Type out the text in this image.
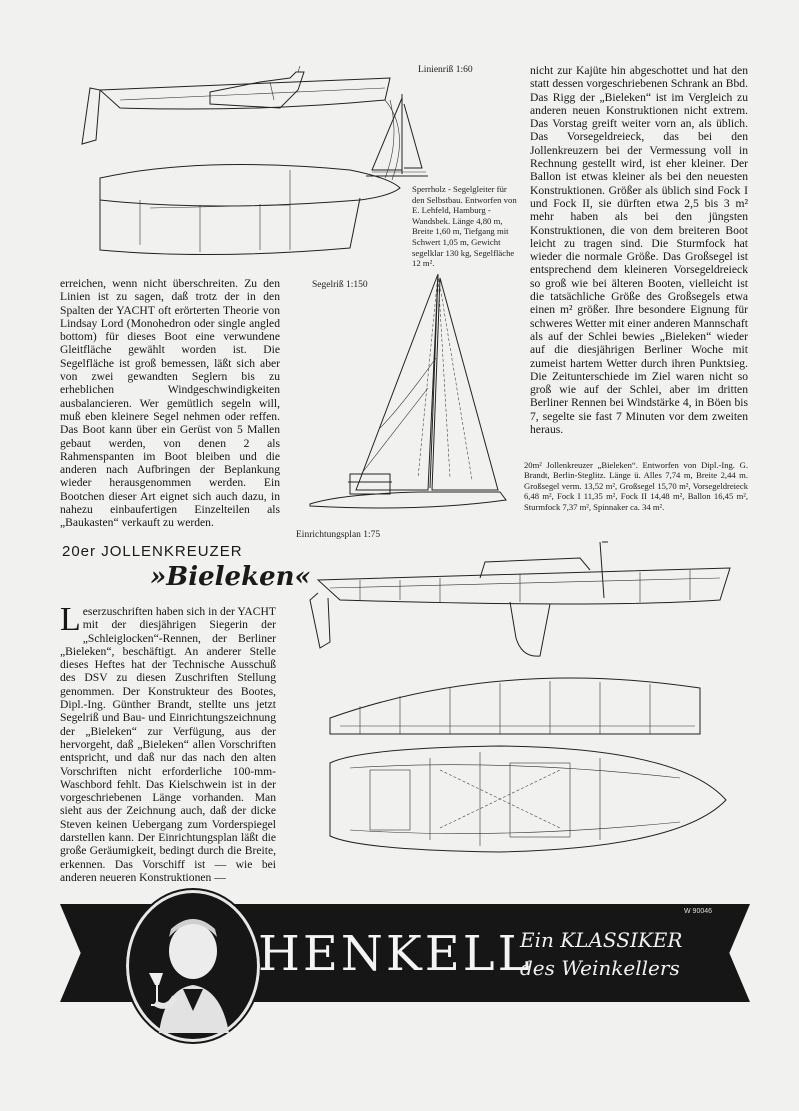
Linienriß 1:60
Sperrholz - Segelgleiter für den Selbstbau. Entworfen von E. Lehfeld, Hamburg - Wandsbek. Länge 4,80 m, Breite 1,60 m, Tiefgang mit Schwert 1,05 m, Gewicht segelklar 130 kg, Segelfläche 12 m².

erreichen, wenn nicht überschreiten. Zu den Linien ist zu sagen, daß trotz der in den Spalten der YACHT oft erörterten Theorie von Lindsay Lord (Monohedron oder single angled bottom) für dieses Boot eine verwundene Gleitfläche gewählt worden ist. Die Segelfläche ist groß bemessen, läßt sich aber von zwei gewandten Seglern bis zu erheblichen Windgeschwindigkeiten ausbalancieren. Wer gemütlich segeln will, muß eben kleinere Segel nehmen oder reffen. Das Boot kann über ein Gerüst von 5 Mallen gebaut werden, von denen 2 als Rahmenspanten im Boot bleiben und die anderen nach Aufbringen der Beplankung wieder herausgenommen werden. Ein Bootchen dieser Art eignet sich auch dazu, in nahezu einbaufertigen Einzelteilen als „Baukasten“ verkauft zu werden.

Segelriß 1:150

nicht zur Kajüte hin abgeschottet und hat den statt dessen vorgeschriebenen Schrank an Bbd. Das Rigg der „Bieleken“ ist im Vergleich zu anderen neuen Konstruktionen nicht extrem. Das Vorstag greift weiter vorn an, als üblich. Das Vorsegeldreieck, das bei den Jollenkreuzern bei der Vermessung voll in Rechnung gestellt wird, ist eher kleiner. Der Ballon ist etwas kleiner als bei den neuesten Konstruktionen. Größer als üblich sind Fock I und Fock II, sie dürften etwa 2,5 bis 3 m² mehr haben als bei den jüngsten Konstruktionen, die von dem breiteren Boot leicht zu tragen sind. Die Sturmfock hat wieder die normale Größe. Das Großsegel ist entsprechend dem kleineren Vorsegeldreieck so groß wie bei älteren Booten, vielleicht ist die tatsächliche Größe des Großsegels etwa einen m² größer. Ihre besondere Eignung für schweres Wetter mit einer anderen Mannschaft als auf der Schlei bewies „Bieleken“ wieder auf die diesjährigen Berliner Woche mit zumeist hartem Wetter durch ihren Punktsieg. Die Zeitunterschiede im Ziel waren nicht so groß wie auf der Schlei, aber im dritten Berliner Rennen bei Windstärke 4, in Böen bis 7, segelte sie fast 7 Minuten vor dem zweiten heraus.

20m² Jollenkreuzer „Bieleken“. Entworfen von Dipl.-Ing. G. Brandt, Berlin-Steglitz. Länge ü. Alles 7,74 m, Breite 2,44 m. Großsegel verm. 13,52 m², Großsegel 15,70 m², Vorsegeldreieck 6,48 m², Fock I 11,35 m², Fock II 14,48 m², Ballon 16,45 m², Sturmfock 7,37 m², Spinnaker ca. 34 m².
20er JOLLENKREUZER
»Bieleken«
L eserzuschriften haben sich in der YACHT mit der diesjährigen Siegerin der „Schleiglocken“-Rennen, der Berliner „Bieleken“, beschäftigt. An anderer Stelle dieses Heftes hat der Technische Ausschuß des DSV zu diesen Zuschriften Stellung genommen. Der Konstrukteur des Bootes, Dipl.-Ing. Günther Brandt, stellte uns jetzt Segelriß und Bau- und Einrichtungszeichnung der „Bieleken“ zur Verfügung, aus der hervorgeht, daß „Bieleken“ allen Vorschriften entspricht, und daß nur das nach den alten Vorschriften nicht erforderliche 100-mm-Waschbord fehlt. Das Kielschwein ist in der vorgeschriebenen Länge vorhanden. Man sieht aus der Zeichnung auch, daß der dicke Steven keinen Uebergang zum Vorderspiegel darstellen kann. Der Einrichtungsplan läßt die große Geräumigkeit, bedingt durch die Breite, erkennen. Das Vorschiff ist — wie bei anderen neueren Konstruktionen —
Einrichtungsplan 1:75
HENKELL
Ein KLASSIKER
des Weinkellers
W 90046
